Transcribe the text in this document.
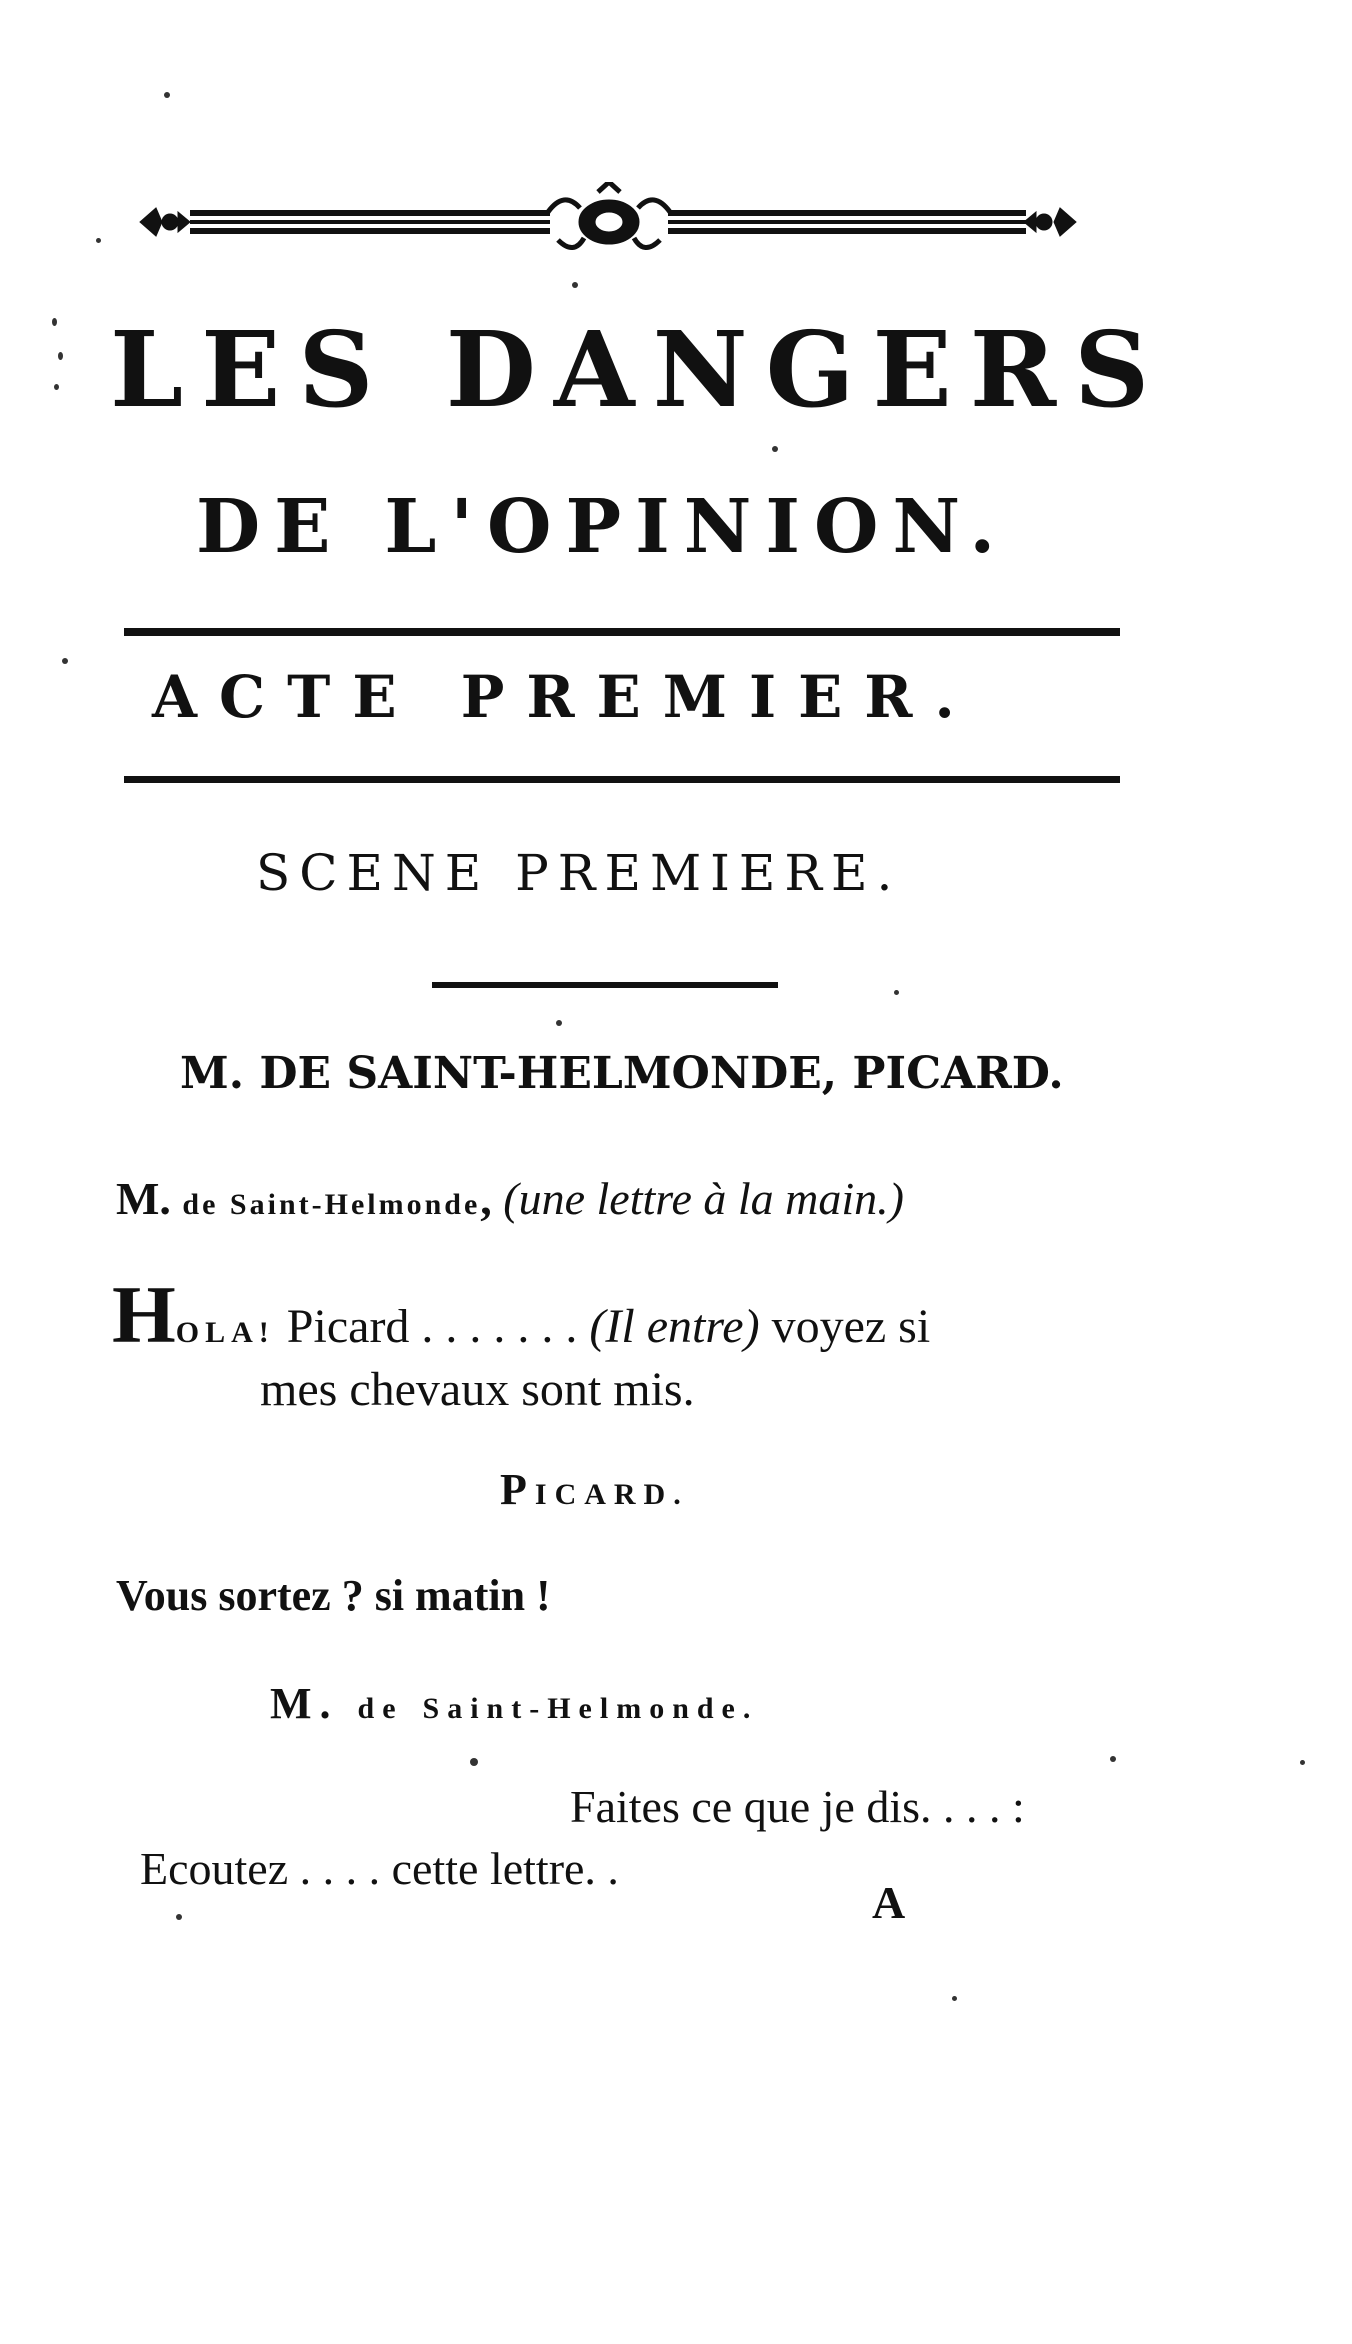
LES DANGERS
DE L'OPINION.
ACTE PREMIER.
SCENE PREMIERE.
M. DE SAINT-HELMONDE, PICARD.
M. de Saint-Helmonde, (une lettre à la main.)
HOLA! Picard . . . . . . . (Il entre) voyez si
mes chevaux sont mis.
PICARD.
Vous sortez ? si matin !
M. de Saint-Helmonde.
Faites ce que je dis. . . . :
Ecoutez . . . . cette lettre. .
A
